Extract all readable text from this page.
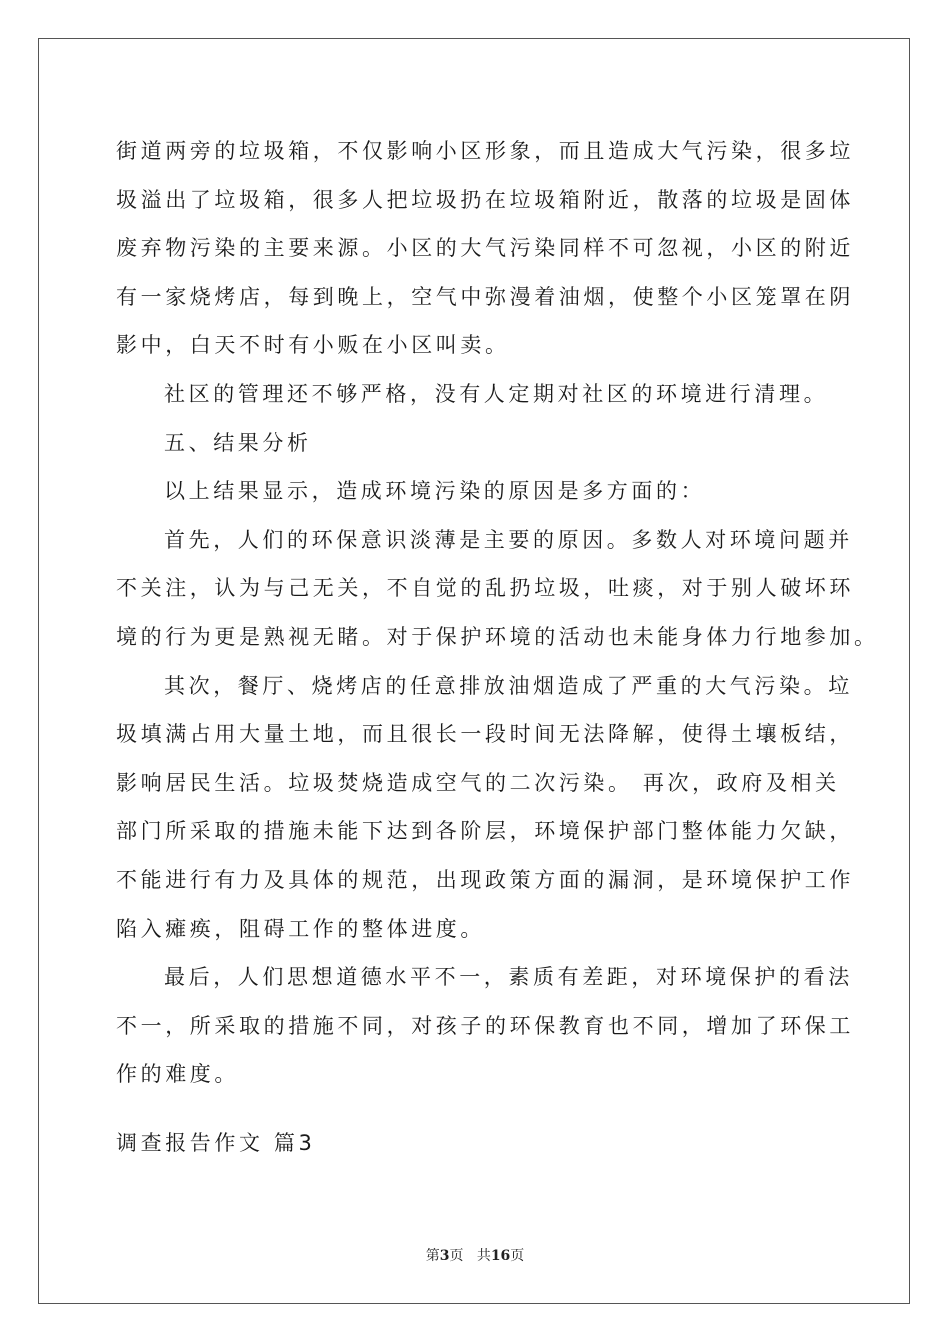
街道两旁的垃圾箱，不仅影响小区形象，而且造成大气污染，很多垃
圾溢出了垃圾箱，很多人把垃圾扔在垃圾箱附近，散落的垃圾是固体
废弃物污染的主要来源。小区的大气污染同样不可忽视，小区的附近
有一家烧烤店，每到晚上，空气中弥漫着油烟，使整个小区笼罩在阴
影中，白天不时有小贩在小区叫卖。
社区的管理还不够严格，没有人定期对社区的环境进行清理。
五、结果分析
以上结果显示，造成环境污染的原因是多方面的：
首先，人们的环保意识淡薄是主要的原因。多数人对环境问题并
不关注，认为与己无关，不自觉的乱扔垃圾，吐痰，对于别人破坏环
境的行为更是熟视无睹。对于保护环境的活动也未能身体力行地参加。
其次，餐厅、烧烤店的任意排放油烟造成了严重的大气污染。垃
圾填满占用大量土地，而且很长一段时间无法降解，使得土壤板结，
影响居民生活。垃圾焚烧造成空气的二次污染。 再次，政府及相关
部门所采取的措施未能下达到各阶层，环境保护部门整体能力欠缺，
不能进行有力及具体的规范，出现政策方面的漏洞，是环境保护工作
陷入瘫痪，阻碍工作的整体进度。
最后，人们思想道德水平不一，素质有差距，对环境保护的看法
不一，所采取的措施不同，对孩子的环保教育也不同，增加了环保工
作的难度。
调查报告作文 篇3
第3页 共16页
